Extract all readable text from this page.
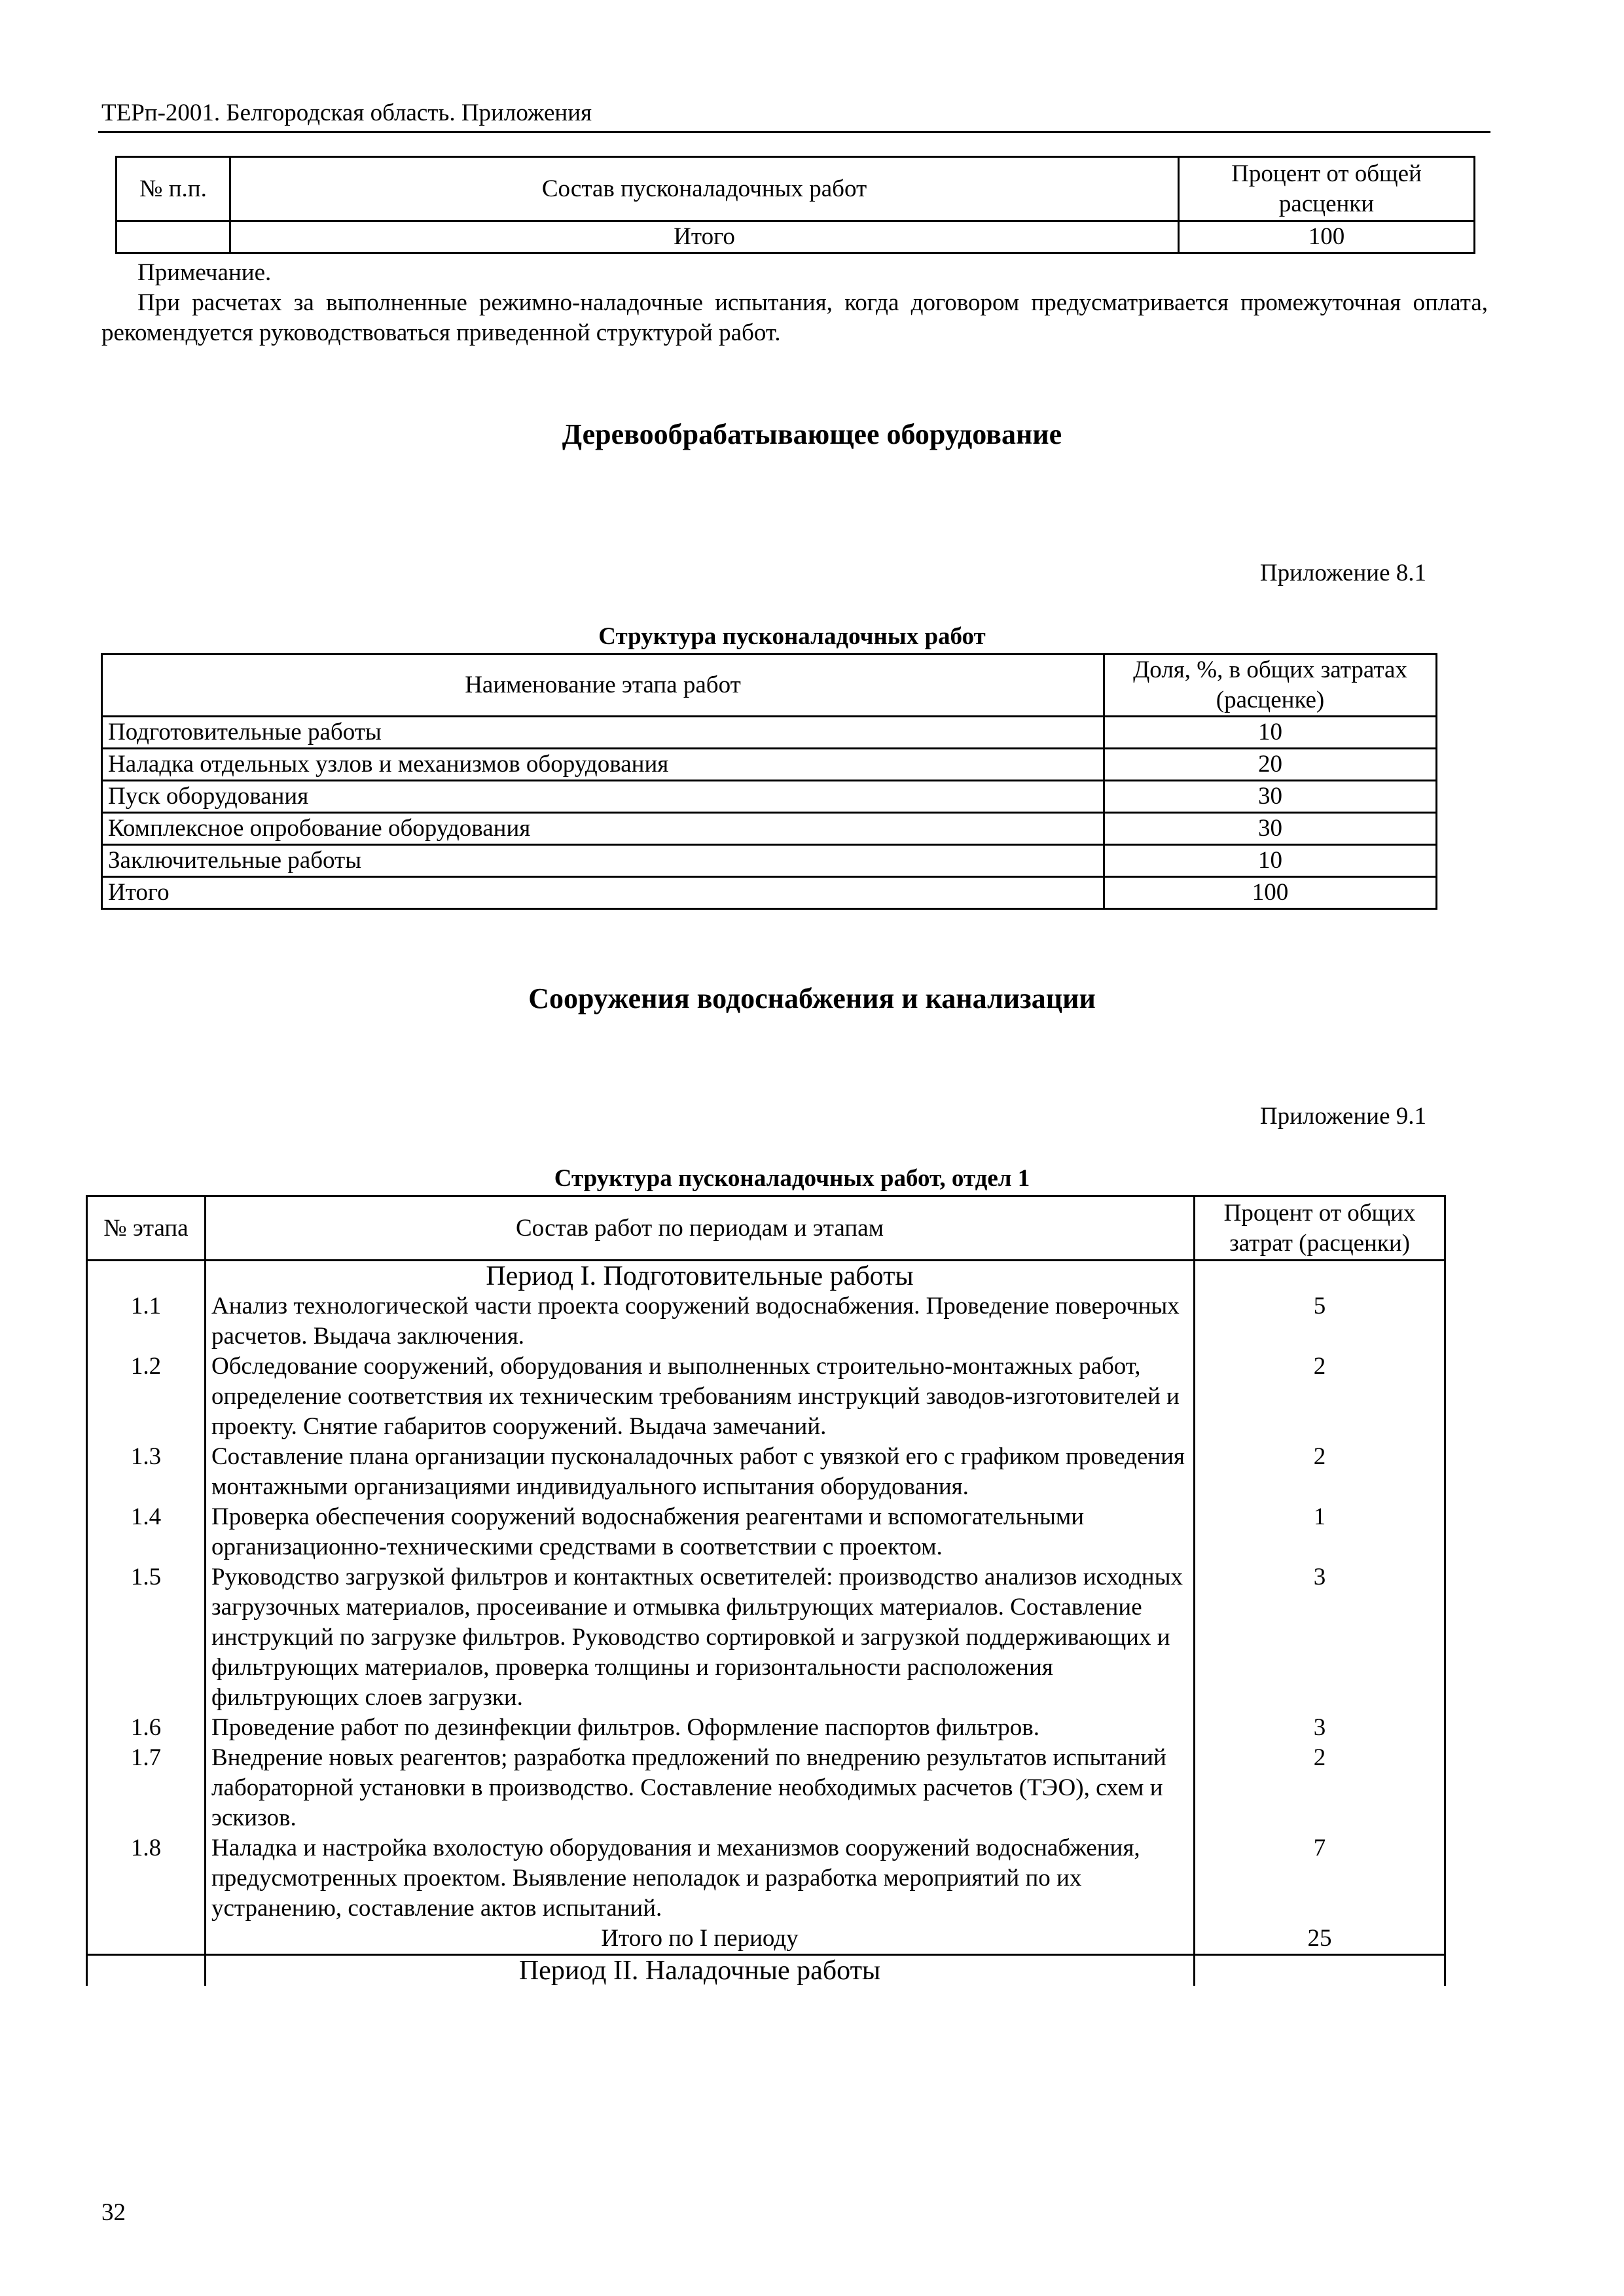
ТЕРп-2001. Белгородская область. Приложения
№ п.п.	Состав пусконаладочных работ	Процент от общей расценки
	Итого	100
Примечание.
При расчетах за выполненные режимно-наладочные испытания, когда договором предусматривается промежуточная оплата, рекомендуется руководствоваться приведенной структурой работ.
Деревообрабатывающее оборудование
Приложение 8.1
Структура пусконаладочных работ
Наименование этапа работ	Доля, %, в общих затратах (расценке)
Подготовительные работы	10
Наладка отдельных узлов и механизмов оборудования	20
Пуск оборудования	30
Комплексное опробование оборудования	30
Заключительные работы	10
Итого	100
Сооружения водоснабжения и канализации
Приложение 9.1
Структура пусконаладочных работ, отдел 1
№ этапа	Состав работ по периодам и этапам	Процент от общих затрат (расценки)
	Период I. Подготовительные работы	
1.1	Анализ технологической части проекта сооружений водоснабжения. Проведение поверочных расчетов. Выдача заключения.	5
1.2	Обследование сооружений, оборудования и выполненных строительно-монтажных работ, определение соответствия их техническим требованиям инструкций заводов-изготовителей и проекту. Снятие габаритов сооружений. Выдача замечаний.	2
1.3	Составление плана организации пусконаладочных работ с увязкой его с графиком проведения монтажными организациями индивидуального испытания оборудования.	2
1.4	Проверка обеспечения сооружений водоснабжения реагентами и вспомогательными организационно-техническими средствами в соответствии с проектом.	1
1.5	Руководство загрузкой фильтров и контактных осветителей: производство анализов исходных загрузочных материалов, просеивание и отмывка фильтрующих материалов. Составление инструкций по загрузке фильтров. Руководство сортировкой и загрузкой поддерживающих и фильтрующих материалов, проверка толщины и горизонтальности расположения фильтрующих слоев загрузки.	3
1.6	Проведение работ по дезинфекции фильтров. Оформление паспортов фильтров.	3
1.7	Внедрение новых реагентов; разработка предложений по внедрению результатов испытаний лабораторной установки в производство. Составление необходимых расчетов (ТЭО), схем и эскизов.	2
1.8	Наладка и настройка вхолостую оборудования и механизмов сооружений водоснабжения, предусмотренных проектом. Выявление неполадок и разработка мероприятий по их устранению, составление актов испытаний.	7
	Итого по I периоду	25
	Период II. Наладочные работы	
32
